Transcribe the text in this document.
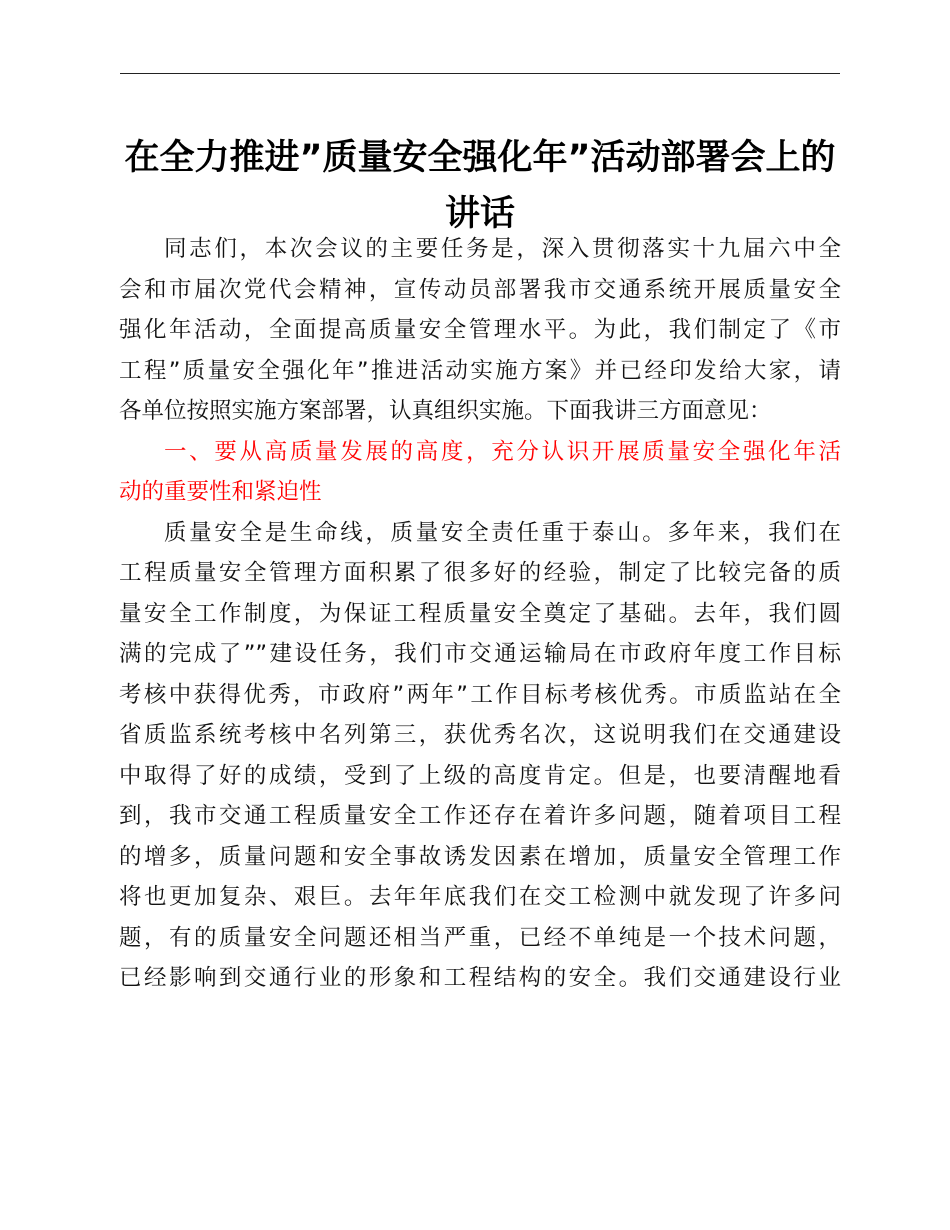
在全力推进”质量安全强化年”活动部署会上的
讲话
同志们，本次会议的主要任务是，深入贯彻落实十九届六中全
会和市届次党代会精神，宣传动员部署我市交通系统开展质量安全
强化年活动，全面提高质量安全管理水平。为此，我们制定了《市
工程”质量安全强化年”推进活动实施方案》并已经印发给大家，请
各单位按照实施方案部署，认真组织实施。下面我讲三方面意见：
一、要从高质量发展的高度，充分认识开展质量安全强化年活
动的重要性和紧迫性
质量安全是生命线，质量安全责任重于泰山。多年来，我们在
工程质量安全管理方面积累了很多好的经验，制定了比较完备的质
量安全工作制度，为保证工程质量安全奠定了基础。去年，我们圆
满的完成了””建设任务，我们市交通运输局在市政府年度工作目标
考核中获得优秀，市政府”两年”工作目标考核优秀。市质监站在全
省质监系统考核中名列第三，获优秀名次，这说明我们在交通建设
中取得了好的成绩，受到了上级的高度肯定。但是，也要清醒地看
到，我市交通工程质量安全工作还存在着许多问题，随着项目工程
的增多，质量问题和安全事故诱发因素在增加，质量安全管理工作
将也更加复杂、艰巨。去年年底我们在交工检测中就发现了许多问
题，有的质量安全问题还相当严重，已经不单纯是一个技术问题，
已经影响到交通行业的形象和工程结构的安全。我们交通建设行业
